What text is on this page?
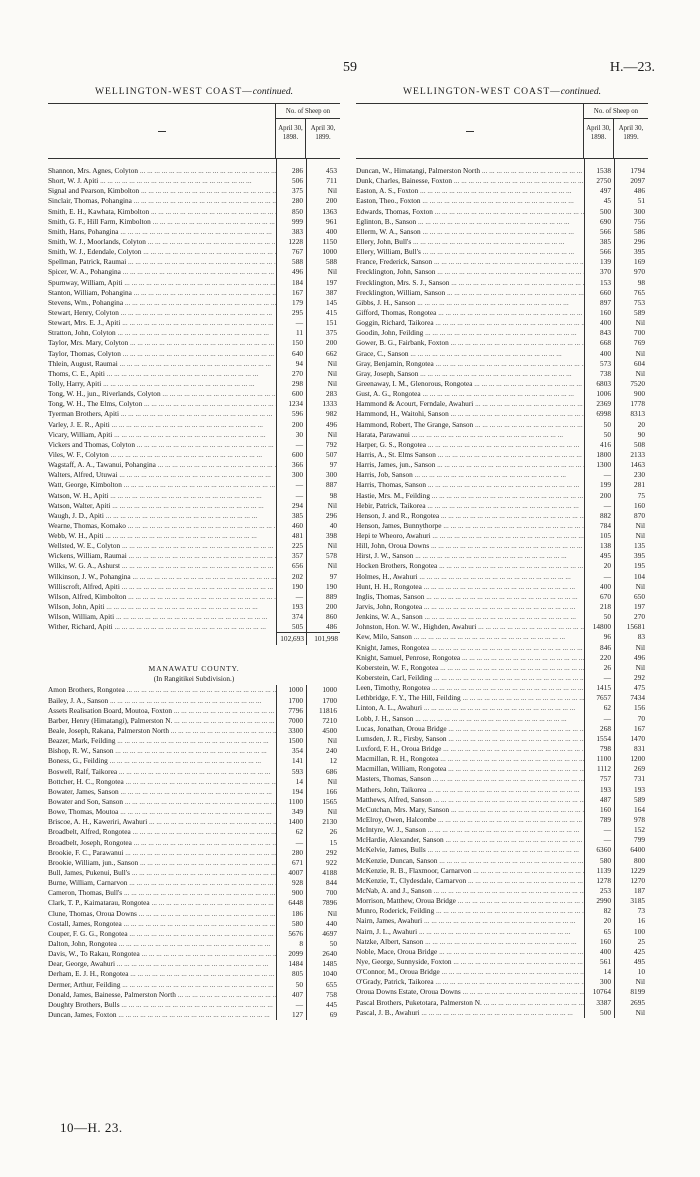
59	H.—23.
WELLINGTON-WEST COAST—continued.
No. of Sheep on
April 30, 1898.
April 30, 1899.
Shannon, Mrs. Agnes, Colyton ... .	286	453
Short, W. J. Apiti ... .	506	711
Signal and Pearson, Kimbolton ... .	375	Nil
Sinclair, Thomas, Pohangina ... .	280	200
Smith, E. H., Kawhata, Kimbolton ... .	850	1363
Smith, G. F., Hill Farm, Kimbolton ... .	999	961
Smith, Hans, Pohangina ... .	383	400
Smith, W. J., Moorlands, Colyton ... .	1228	1150
Smith, W. J., Edendale, Colyton ... .	767	1000
Spellman, Patrick, Raumai ... .	588	588
Spicer, W. A., Pohangina ... .	496	Nil
Spurnway, William, Apiti ... .	184	197
Stanton, William, Pohangina ... .	167	387
Stevens, Wm., Pohangina ... .	179	145
Stewart, Henry, Colyton ... .	295	415
Stewart, Mrs. E. J., Apiti ... .	—	151
Stratton, John, Colyton ... .	11	375
Taylor, Mrs. Mary, Colyton ... .	150	200
Taylor, Thomas, Colyton ... .	640	662
Thlein, August, Raumai ... .	94	Nil
Thoms, C. E., Apiti ... .	270	Nil
Tolly, Harry, Apiti ... .	298	Nil
Tong, W. H., jun., Riverlands, Colyton ... .	600	283
Tong, W. H., The Elms, Colyton ... .	1234	1333
Tyerman Brothers, Apiti ... .	596	982
Varley, J. E. R., Apiti ... .	200	496
Vicary, William, Apiti ... .	30	Nil
Vickers and Thomas, Colyton ... .	—	792
Viles, W. F., Colyton ... .	600	507
Wagstaff, A. A., Tawanui, Pohangina ... .	366	97
Walters, Alfred, Utuwai ... .	300	300
Watt, George, Kimbolton ... .	—	887
Watson, W. H., Apiti ... .	—	98
Watson, Walter, Apiti ... .	294	Nil
Waugh, J. D., Apiti ... .	385	296
Wearne, Thomas, Komako ... .	460	40
Webb, W. H., Apiti ... .	481	398
Wellsted, W. E., Colyton ... .	225	Nil
Wickens, William, Raumai ... .	357	578
Wilks, W. G. A., Ashurst ... .	656	Nil
Wilkinson, J. W., Pohangina ... .	202	97
Williscroft, Alfred, Apiti ... .	190	190
Wilson, Alfred, Kimbolton ... .	—	889
Wilson, John, Apiti ... .	193	200
Wilson, William, Apiti ... .	374	860
Wither, Richard, Apiti ... .	505	486
102,693	101,998
MANAWATU COUNTY.
(In Rangitikei Subdivision.)
Amon Brothers, Rongotea ... .	1000	1000
Bailey, J. A., Sanson ... .	1700	1700
Assets Realisation Board, Moutoa, Foxton ... .	7796	11816
Barber, Henry (Himatangi), Palmerston N. ... .	7000	7210
Beale, Joseph, Rakana, Palmerston North ... .	3300	4500
Beazer, Mark, Feilding ... .	1500	Nil
Bishop, R. W., Sanson ... .	354	240
Boness, G., Feilding ... .	141	12
Boswell, Ralf, Taikorea ... .	593	686
Bottcher, H. C., Rongotea ... .	14	Nil
Bowater, James, Sanson ... .	194	166
Bowater and Son, Sanson ... .	1100	1565
Bowe, Thomas, Moutoa ... .	349	Nil
Briscoe, A. H., Kaweriri, Awahuri ... .	1400	2130
Broadbelt, Alfred, Rongotea ... .	62	26
Broadbelt, Joseph, Rongotea ... .	—	15
Brookie, F. C., Parawanui ... .	280	292
Brookie, William, jun., Sanson ... .	671	922
Bull, James, Pukenui, Bull's ... .	4007	4188
Burne, William, Carnarvon ... .	928	844
Cameron, Thomas, Bull's ... .	900	700
Clark, T. P., Kaimatarau, Rongotea ... .	6448	7896
Clune, Thomas, Oroua Downs ... .	186	Nil
Costall, James, Rongotea ... .	580	440
Couper, F. G. G., Rongotea ... .	5676	4697
Dalton, John, Rongotea ... .	8	50
Davis, W., To Rakau, Rongotea ... .	2099	2640
Dear, George, Awahuri ... .	1484	1485
Derham, E. J. H., Rongotea ... .	805	1040
Dermer, Arthur, Feilding ... .	50	655
Donald, James, Bainesse, Palmerston North ... .	407	758
Doughty Brothers, Bulls ... .	—	445
Duncan, James, Foxton ... .	127	69
WELLINGTON-WEST COAST—continued.
No. of Sheep on
April 30, 1898.
April 30, 1899.
Duncan, W., Himatangi, Palmerston North ... .	1538	1794
Dunk, Charles, Bainesse, Foxton ... .	2750	2097
Easton, A. S., Foxton ... .	497	486
Easton, Theo., Foxton ... .	45	51
Edwards, Thomas, Foxton ... .	500	300
Eglinton, B., Sanson ... .	690	756
Ellerm, W. A., Sanson ... .	566	586
Ellery, John, Bull's ... .	385	296
Ellery, William, Bull's ... .	566	395
France, Frederick, Sanson ... .	139	169
Frecklington, John, Sanson ... .	370	970
Frecklington, Mrs. S. J., Sanson ... .	153	98
Frecklington, William, Sanson ... .	660	765
Gibbs, J. H., Sanson ... .	897	753
Gifford, Thomas, Rongotea ... .	160	589
Goggin, Richard, Taikorea ... .	400	Nil
Goodin, John, Feilding ... .	843	700
Gower, B. G., Fairbank, Foxton ... .	668	769
Grace, C., Sanson ... .	400	Nil
Gray, Benjamin, Rongotea ... .	573	604
Gray, Joseph, Sanson ... .	738	Nil
Greenaway, I. M., Glenorous, Rongotea ... .	6803	7520
Gust, A. G., Rongotea ... .	1006	900
Hammond & Acourt, Ferndale, Awahuri ... .	2369	1778
Hammond, H., Waitohi, Sanson ... .	6998	8313
Hammond, Robert, The Grange, Sanson ... .	50	20
Harata, Parawanui ... .	50	90
Harper, G. S., Rongotea ... .	416	508
Harris, A., St. Elms Sanson ... .	1800	2133
Harris, James, jun., Sanson ... .	1300	1463
Harris, Job, Sanson ... .	—	230
Harris, Thomas, Sanson ... .	199	281
Hastie, Mrs. M., Feilding ... .	200	75
Hebir, Patrick, Taikorea ... .	—	160
Henson, J. and R., Rongotea ... .	882	870
Henson, James, Bunnythorpe ... .	784	Nil
Hepi te Wheoro, Awahuri ... .	105	Nil
Hill, John, Oroua Downs ... .	138	135
Hirst, J. W., Sanson ... .	495	395
Hocken Brothers, Rongotea ... .	20	195
Holmes, H., Awahuri ... .	—	104
Hunt, H. H., Rongotea ... .	400	Nil
Inglis, Thomas, Sanson ... .	670	650
Jarvis, John, Rongotea ... .	218	197
Jenkins, W. A., Sanson ... .	50	270
Johnston, Hon. W. W., Highden, Awahuri ... .	14800	15681
Kew, Milo, Sanson ... .	96	83
Knight, James, Rongotea ... .	846	Nil
Knight, Samuel, Penrose, Rongotea ... .	220	496
Koberstein, W. F., Rongotea ... .	26	Nil
Koberstein, Carl, Feilding ... .	—	292
Leen, Timothy, Rongotea ... .	1415	475
Lethbridge, F. Y., The Hill, Feilding ... .	7657	7434
Linton, A. L., Awahuri ... .	62	156
Lobb, J. H., Sanson ... .	—	70
Lucas, Jonathan, Oroua Bridge ... .	268	167
Lumsden, J. R., Firsby, Sanson ... .	1554	1470
Luxford, F. H., Oroua Bridge ... .	798	831
Macmillan, R. H., Rongotea ... .	1100	1200
Macmillan, William, Rongotea ... .	1112	269
Masters, Thomas, Sanson ... .	757	731
Mathers, John, Taikorea ... .	193	193
Matthews, Alfred, Sanson ... .	487	589
McCutchan, Mrs. Mary, Sanson ... .	160	164
McElroy, Owen, Halcombe ... .	789	978
McIntyre, W. J., Sanson ... .	—	152
McHardie, Alexander, Sanson ... .	—	799
McKelvie, James, Bulls ... .	6360	6400
McKenzie, Duncan, Sanson ... .	580	800
McKenzie, R. B., Flaxmoor, Carnarvon ... .	1139	1229
McKenzie, T., Clydesdale, Carnarvon ... .	1278	1270
McNab, A. and J., Sanson ... .	253	187
Morrison, Matthew, Oroua Bridge ... .	2990	3185
Munro, Roderick, Feilding ... .	82	73
Nairn, James, Awahuri ... .	20	16
Nairn, J. L., Awahuri ... .	65	100
Natzke, Albert, Sanson ... .	160	25
Noble, Mace, Oroua Bridge ... .	400	425
Nye, George, Sunnyside, Foxton ... .	561	495
O'Connor, M., Oroua Bridge ... .	14	10
O'Grady, Patrick, Taikorea ... .	300	Nil
Oroua Downs Estate, Oroua Downs ... .	10764	8199
Pascal Brothers, Puketotara, Palmerston N. ... .	3387	2695
Pascal, J. B., Awahuri ... .	500	Nil
10—H. 23.
